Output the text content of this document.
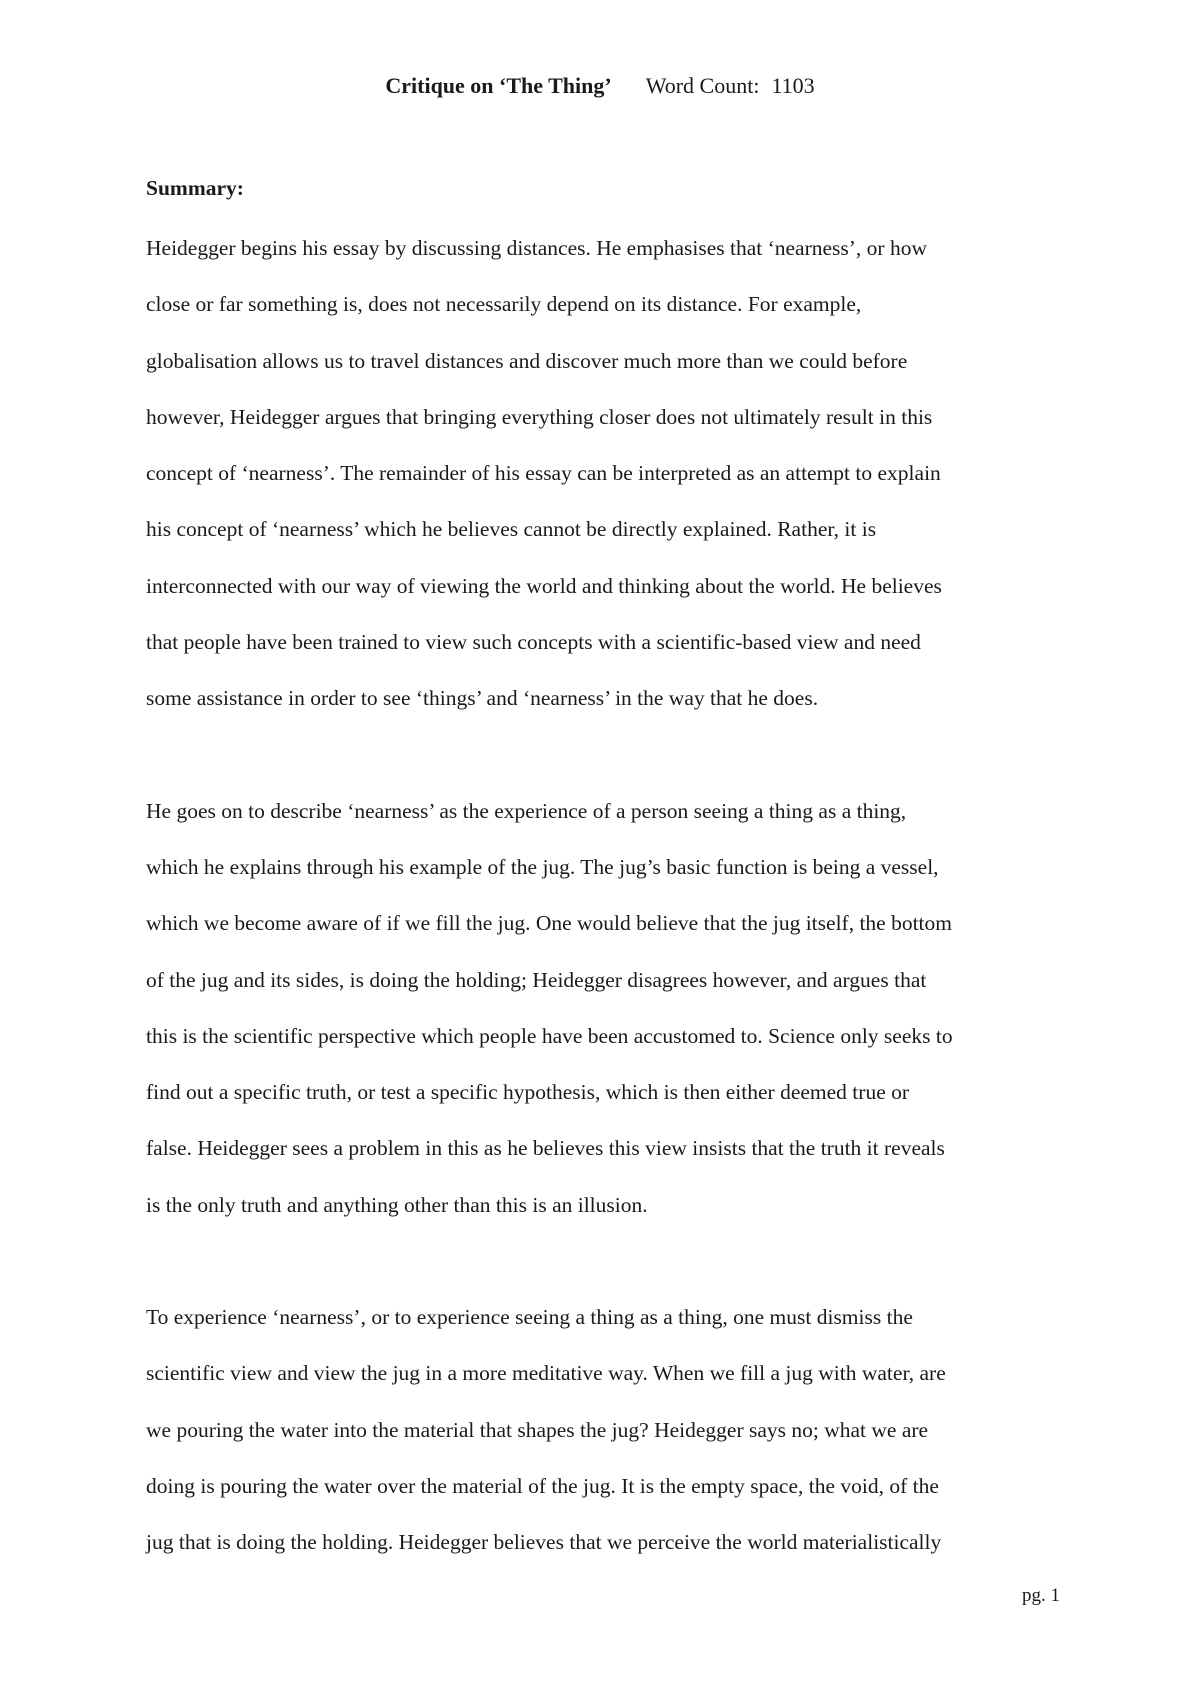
Critique on ‘The Thing’ Word Count: 1103

Summary:

Heidegger begins his essay by discussing distances. He emphasises that ‘nearness’, or how
close or far something is, does not necessarily depend on its distance. For example,
globalisation allows us to travel distances and discover much more than we could before
however, Heidegger argues that bringing everything closer does not ultimately result in this
concept of ‘nearness’. The remainder of his essay can be interpreted as an attempt to explain
his concept of ‘nearness’ which he believes cannot be directly explained. Rather, it is
interconnected with our way of viewing the world and thinking about the world. He believes
that people have been trained to view such concepts with a scientific-based view and need
some assistance in order to see ‘things’ and ‘nearness’ in the way that he does.
He goes on to describe ‘nearness’ as the experience of a person seeing a thing as a thing,
which he explains through his example of the jug. The jug’s basic function is being a vessel,
which we become aware of if we fill the jug. One would believe that the jug itself, the bottom
of the jug and its sides, is doing the holding; Heidegger disagrees however, and argues that
this is the scientific perspective which people have been accustomed to. Science only seeks to
find out a specific truth, or test a specific hypothesis, which is then either deemed true or
false. Heidegger sees a problem in this as he believes this view insists that the truth it reveals
is the only truth and anything other than this is an illusion.
To experience ‘nearness’, or to experience seeing a thing as a thing, one must dismiss the
scientific view and view the jug in a more meditative way. When we fill a jug with water, are
we pouring the water into the material that shapes the jug? Heidegger says no; what we are
doing is pouring the water over the material of the jug. It is the empty space, the void, of the
jug that is doing the holding. Heidegger believes that we perceive the world materialistically
pg. 1
